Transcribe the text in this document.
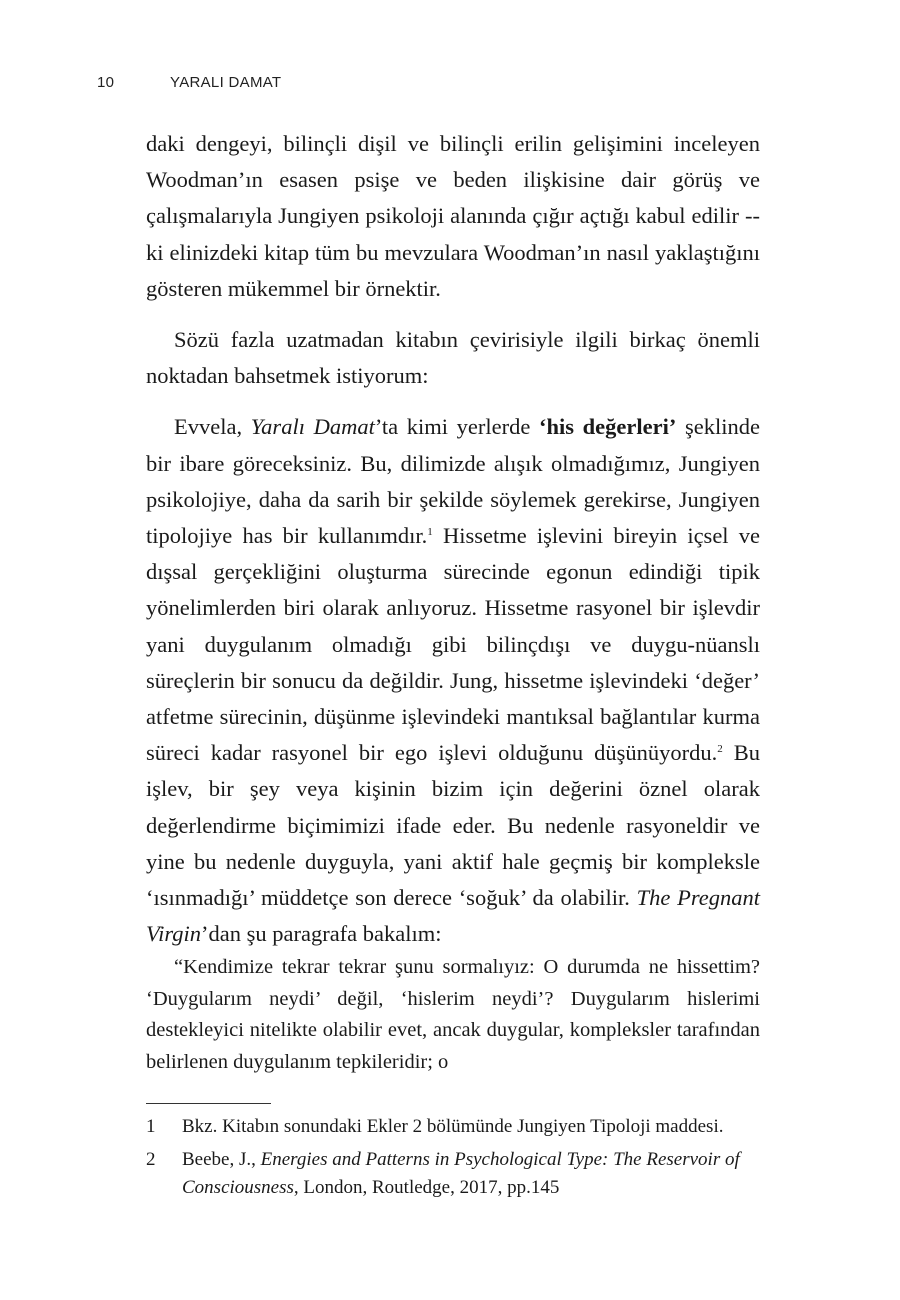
10	YARALI DAMAT

daki dengeyi, bilinçli dişil ve bilinçli erilin gelişimini inceleyen Woodman’ın esasen psişe ve beden ilişkisine dair görüş ve çalışmalarıyla Jungiyen psikoloji alanında çığır açtığı kabul edilir --ki elinizdeki kitap tüm bu mevzulara Woodman’ın nasıl yaklaştığını gösteren mükemmel bir örnektir.

Sözü fazla uzatmadan kitabın çevirisiyle ilgili birkaç önemli noktadan bahsetmek istiyorum:

Evvela, Yaralı Damat’ta kimi yerlerde ‘his değerleri’ şeklinde bir ibare göreceksiniz. Bu, dilimizde alışık olmadığımız, Jungiyen psikolojiye, daha da sarih bir şekilde söylemek gerekirse, Jungiyen tipolojiye has bir kullanımdır.$^1$ Hissetme işlevini bireyin içsel ve dışsal gerçekliğini oluşturma sürecinde egonun edindiği tipik yönelimlerden biri olarak anlıyoruz. Hissetme rasyonel bir işlevdir yani duygulanım olmadığı gibi bilinçdışı ve duygu-nüanslı süreçlerin bir sonucu da değildir. Jung, hissetme işlevindeki ‘değer’ atfetme sürecinin, düşünme işlevindeki mantıksal bağlantılar kurma süreci kadar rasyonel bir ego işlevi olduğunu düşünüyordu.$^2$ Bu işlev, bir şey veya kişinin bizim için değerini öznel olarak değerlendirme biçimimizi ifade eder. Bu nedenle rasyoneldir ve yine bu nedenle duyguyla, yani aktif hale geçmiş bir kompleksle ‘ısınmadığı’ müddetçe son derece ‘soğuk’ da olabilir. The Pregnant Virgin’dan şu paragrafa bakalım:

“Kendimize tekrar tekrar şunu sormalıyız: O durumda ne hissettim? ‘Duygularım neydi’ değil, ‘hislerim neydi’? Duygularım hislerimi destekleyici nitelikte olabilir evet, ancak duygular, kompleksler tarafından belirlenen duygulanım tepkileridir; o

1	Bkz. Kitabın sonundaki Ekler 2 bölümünde Jungiyen Tipoloji maddesi.
2	Beebe, J., Energies and Patterns in Psychological Type: The Reservoir of Consciousness, London, Routledge, 2017, pp.145
